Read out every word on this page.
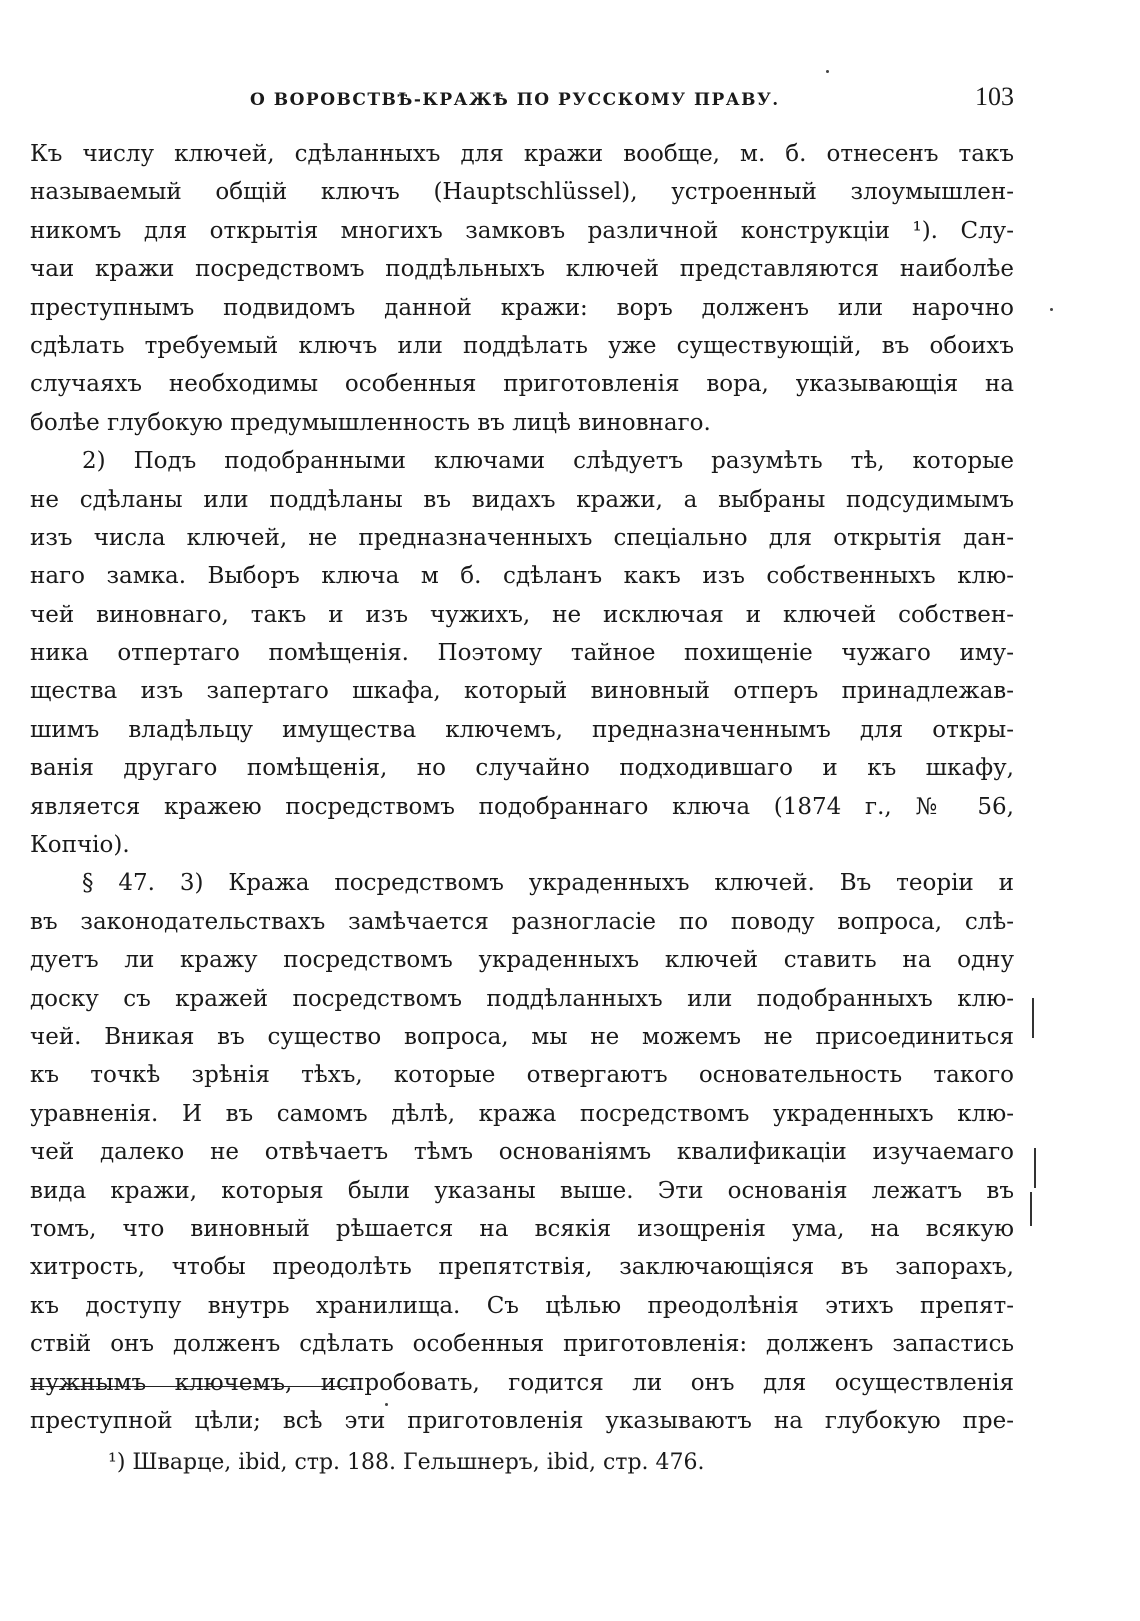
О ВОРОВСТВѢ-КРАЖѢ ПО РУССКОМУ ПРАВУ.	103
Къ числу ключей, сдѣланныхъ для кражи вообще, м. б. отнесенъ такъ
называемый общій ключъ (Hauptschlüssel), устроенный злоумышлен-
никомъ для открытія многихъ замковъ различной конструкціи ¹). Слу-
чаи кражи посредствомъ поддѣльныхъ ключей представляются наиболѣе
преступнымъ подвидомъ данной кражи: воръ долженъ или нарочно
сдѣлать требуемый ключъ или поддѣлать уже существующій, въ обоихъ
случаяхъ необходимы особенныя приготовленія вора, указывающія на
болѣе глубокую предумышленность въ лицѣ виновнаго.
2) Подъ подобранными ключами слѣдуетъ разумѣть тѣ, которые
не сдѣланы или поддѣланы въ видахъ кражи, а выбраны подсудимымъ
изъ числа ключей, не предназначенныхъ спеціально для открытія дан-
наго замка. Выборъ ключа м б. сдѣланъ какъ изъ собственныхъ клю-
чей виновнаго, такъ и изъ чужихъ, не исключая и ключей собствен-
ника отпертаго помѣщенія. Поэтому тайное похищеніе чужаго иму-
щества изъ запертаго шкафа, который виновный отперъ принадлежав-
шимъ владѣльцу имущества ключемъ, предназначеннымъ для откры-
ванія другаго помѣщенія, но случайно подходившаго и къ шкафу,
является кражею посредствомъ подобраннаго ключа (1874 г., № 56,
Копчіо).
§ 47. 3) Кража посредствомъ украденныхъ ключей. Въ теоріи и
въ законодательствахъ замѣчается разногласіе по поводу вопроса, слѣ-
дуетъ ли кражу посредствомъ украденныхъ ключей ставить на одну
доску съ кражей посредствомъ поддѣланныхъ или подобранныхъ клю-
чей. Вникая въ существо вопроса, мы не можемъ не присоединиться
къ точкѣ зрѣнія тѣхъ, которые отвергаютъ основательность такого
уравненія. И въ самомъ дѣлѣ, кража посредствомъ украденныхъ клю-
чей далеко не отвѣчаетъ тѣмъ основаніямъ квалификаціи изучаемаго
вида кражи, которыя были указаны выше. Эти основанія лежатъ въ
томъ, что виновный рѣшается на всякія изощренія ума, на всякую
хитрость, чтобы преодолѣть препятствія, заключающіяся въ запорахъ,
къ доступу внутрь хранилища. Съ цѣлью преодолѣнія этихъ препят-
ствій онъ долженъ сдѣлать особенныя приготовленія: долженъ запастись
нужнымъ ключемъ, испробовать, годится ли онъ для осуществленія
преступной цѣли; всѣ эти приготовленія указываютъ на глубокую пре-
¹) Шварце, ibid, стр. 188. Гельшнеръ, ibid, стр. 476.
